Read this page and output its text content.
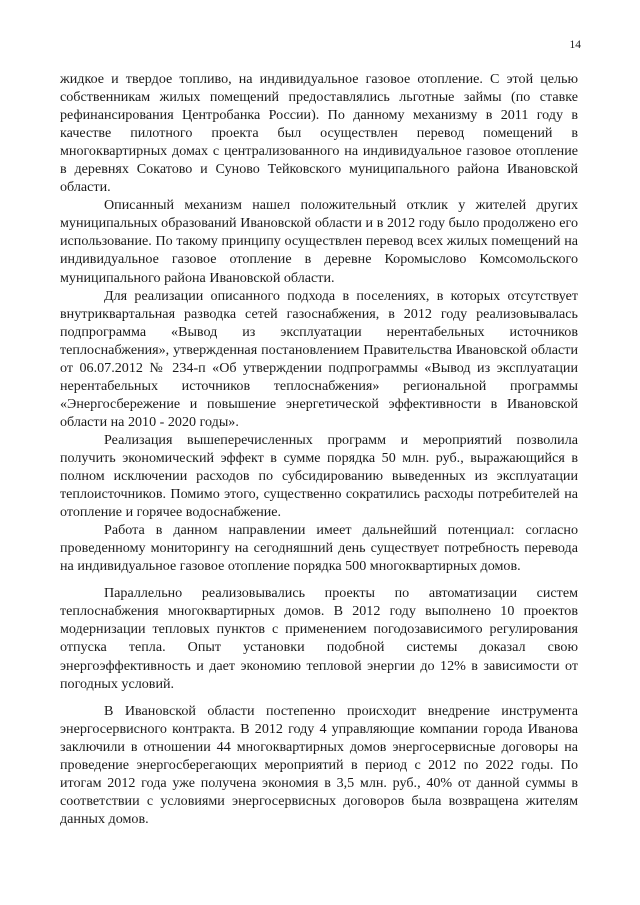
14

жидкое и твердое топливо, на индивидуальное газовое отопление. С этой целью собственникам жилых помещений предоставлялись льготные займы (по ставке рефинансирования Центробанка России). По данному механизму в 2011 году в качестве пилотного проекта был осуществлен перевод помещений в многоквартирных домах с централизованного на индивидуальное газовое отопление в деревнях Сокатово и Суново Тейковского муниципального района Ивановской области.

Описанный механизм нашел положительный отклик у жителей других муниципальных образований Ивановской области и в 2012 году было продолжено его использование. По такому принципу осуществлен перевод всех жилых помещений на индивидуальное газовое отопление в деревне Коромыслово Комсомольского муниципального района Ивановской области.

Для реализации описанного подхода в поселениях, в которых отсутствует внутриквартальная разводка сетей газоснабжения, в 2012 году реализовывалась подпрограмма «Вывод из эксплуатации нерентабельных источников теплоснабжения», утвержденная постановлением Правительства Ивановской области от 06.07.2012 № 234-п «Об утверждении подпрограммы «Вывод из эксплуатации нерентабельных источников теплоснабжения» региональной программы «Энергосбережение и повышение энергетической эффективности в Ивановской области на 2010 - 2020 годы».

Реализация вышеперечисленных программ и мероприятий позволила получить экономический эффект в сумме порядка 50 млн. руб., выражающийся в полном исключении расходов по субсидированию выведенных из эксплуатации теплоисточников. Помимо этого, существенно сократились расходы потребителей на отопление и горячее водоснабжение.

Работа в данном направлении имеет дальнейший потенциал: согласно проведенному мониторингу на сегодняшний день существует потребность перевода на индивидуальное газовое отопление порядка 500 многоквартирных домов.

Параллельно реализовывались проекты по автоматизации систем теплоснабжения многоквартирных домов. В 2012 году выполнено 10 проектов модернизации тепловых пунктов с применением погодозависимого регулирования отпуска тепла. Опыт установки подобной системы доказал свою энергоэффективность и дает экономию тепловой энергии до 12% в зависимости от погодных условий.

В Ивановской области постепенно происходит внедрение инструмента энергосервисного контракта. В 2012 году 4 управляющие компании города Иванова заключили в отношении 44 многоквартирных домов энергосервисные договоры на проведение энергосберегающих мероприятий в период с 2012 по 2022 годы. По итогам 2012 года уже получена экономия в 3,5 млн. руб., 40% от данной суммы в соответствии с условиями энергосервисных договоров была возвращена жителям данных домов.
